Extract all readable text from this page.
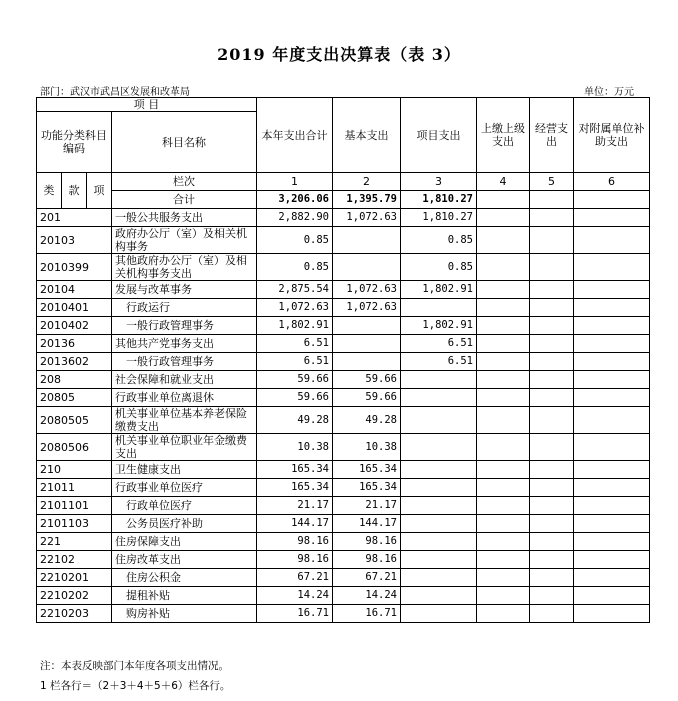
2019 年度支出决算表（表 3）
部门：武汉市武昌区发展和改革局	单位：万元
项 目				本年支出合计	基本支出	项目支出	上缴上级支出	经营支出	对附属单位补助支出
功能分类科目编码			科目名称						
类	款	项							
			栏次	1	2	3	4	5	6
			合计	3,206.06	1,395.79	1,810.27			
201			一般公共服务支出	2,882.90	1,072.63	1,810.27			
20103			政府办公厅（室）及相关机构事务	0.85		0.85			
2010399			其他政府办公厅（室）及相关机构事务支出	0.85		0.85			
20104			发展与改革事务	2,875.54	1,072.63	1,802.91			
2010401			行政运行	1,072.63	1,072.63				
2010402			一般行政管理事务	1,802.91		1,802.91			
20136			其他共产党事务支出	6.51		6.51			
2013602			一般行政管理事务	6.51		6.51			
208			社会保障和就业支出	59.66	59.66				
20805			行政事业单位离退休	59.66	59.66				
2080505			机关事业单位基本养老保险缴费支出	49.28	49.28				
2080506			机关事业单位职业年金缴费支出	10.38	10.38				
210			卫生健康支出	165.34	165.34				
21011			行政事业单位医疗	165.34	165.34				
2101101			行政单位医疗	21.17	21.17				
2101103			公务员医疗补助	144.17	144.17				
221			住房保障支出	98.16	98.16				
22102			住房改革支出	98.16	98.16				
2210201			住房公积金	67.21	67.21				
2210202			提租补贴	14.24	14.24				
2210203			购房补贴	16.71	16.71				
注：本表反映部门本年度各项支出情况。
1 栏各行＝（2＋3＋4＋5＋6）栏各行。
